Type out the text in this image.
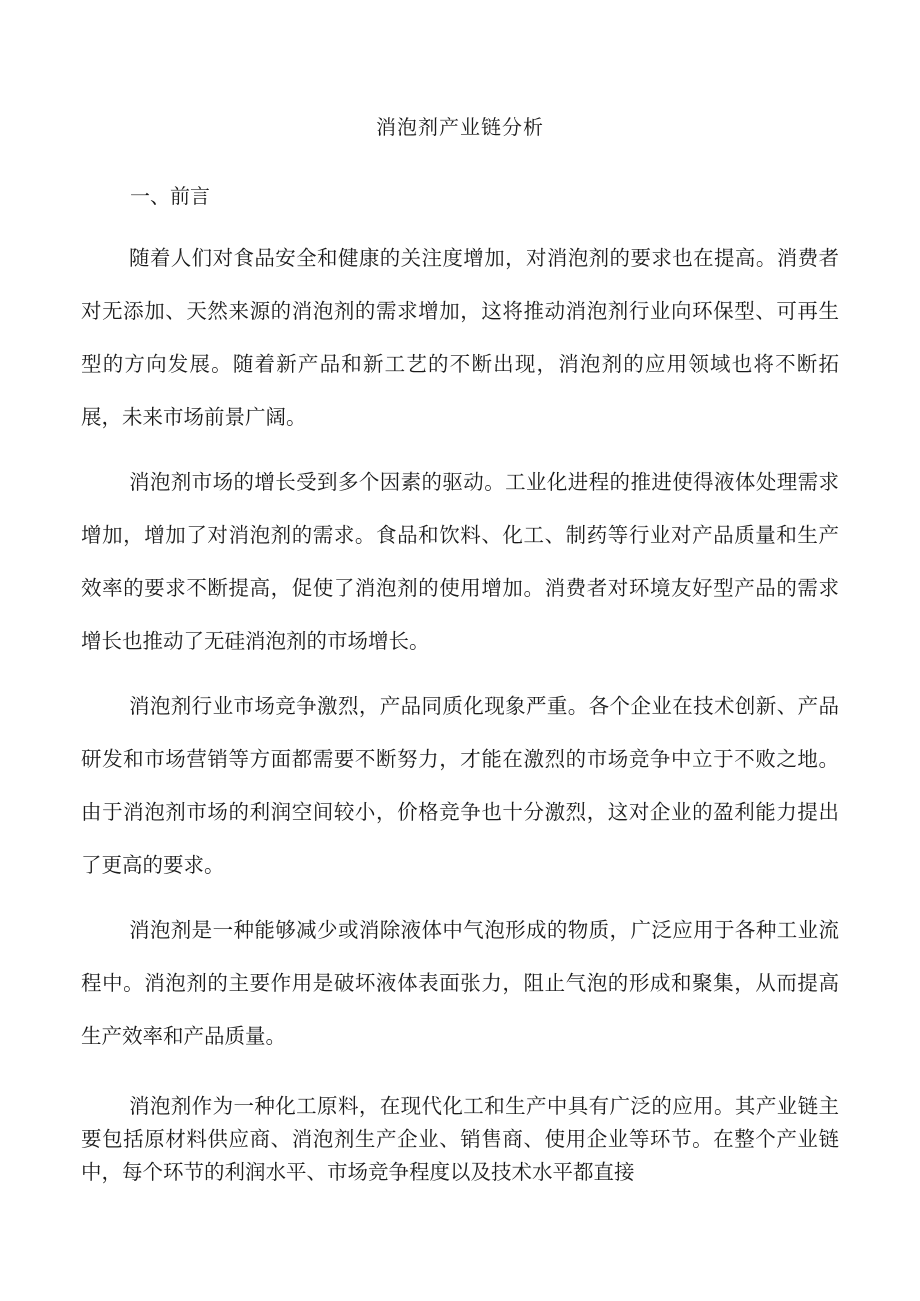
消泡剂产业链分析
一、前言

随着人们对食品安全和健康的关注度增加，对消泡剂的要求也在提高。消费者对无添加、天然来源的消泡剂的需求增加，这将推动消泡剂行业向环保型、可再生型的方向发展。随着新产品和新工艺的不断出现，消泡剂的应用领域也将不断拓展，未来市场前景广阔。

消泡剂市场的增长受到多个因素的驱动。工业化进程的推进使得液体处理需求增加，增加了对消泡剂的需求。食品和饮料、化工、制药等行业对产品质量和生产效率的要求不断提高，促使了消泡剂的使用增加。消费者对环境友好型产品的需求增长也推动了无硅消泡剂的市场增长。

消泡剂行业市场竞争激烈，产品同质化现象严重。各个企业在技术创新、产品研发和市场营销等方面都需要不断努力，才能在激烈的市场竞争中立于不败之地。由于消泡剂市场的利润空间较小，价格竞争也十分激烈，这对企业的盈利能力提出了更高的要求。

消泡剂是一种能够减少或消除液体中气泡形成的物质，广泛应用于各种工业流程中。消泡剂的主要作用是破坏液体表面张力，阻止气泡的形成和聚集，从而提高生产效率和产品质量。

消泡剂作为一种化工原料，在现代化工和生产中具有广泛的应用。其产业链主要包括原材料供应商、消泡剂生产企业、销售商、使用企业等环节。在整个产业链中，每个环节的利润水平、市场竞争程度以及技术水平都直接
